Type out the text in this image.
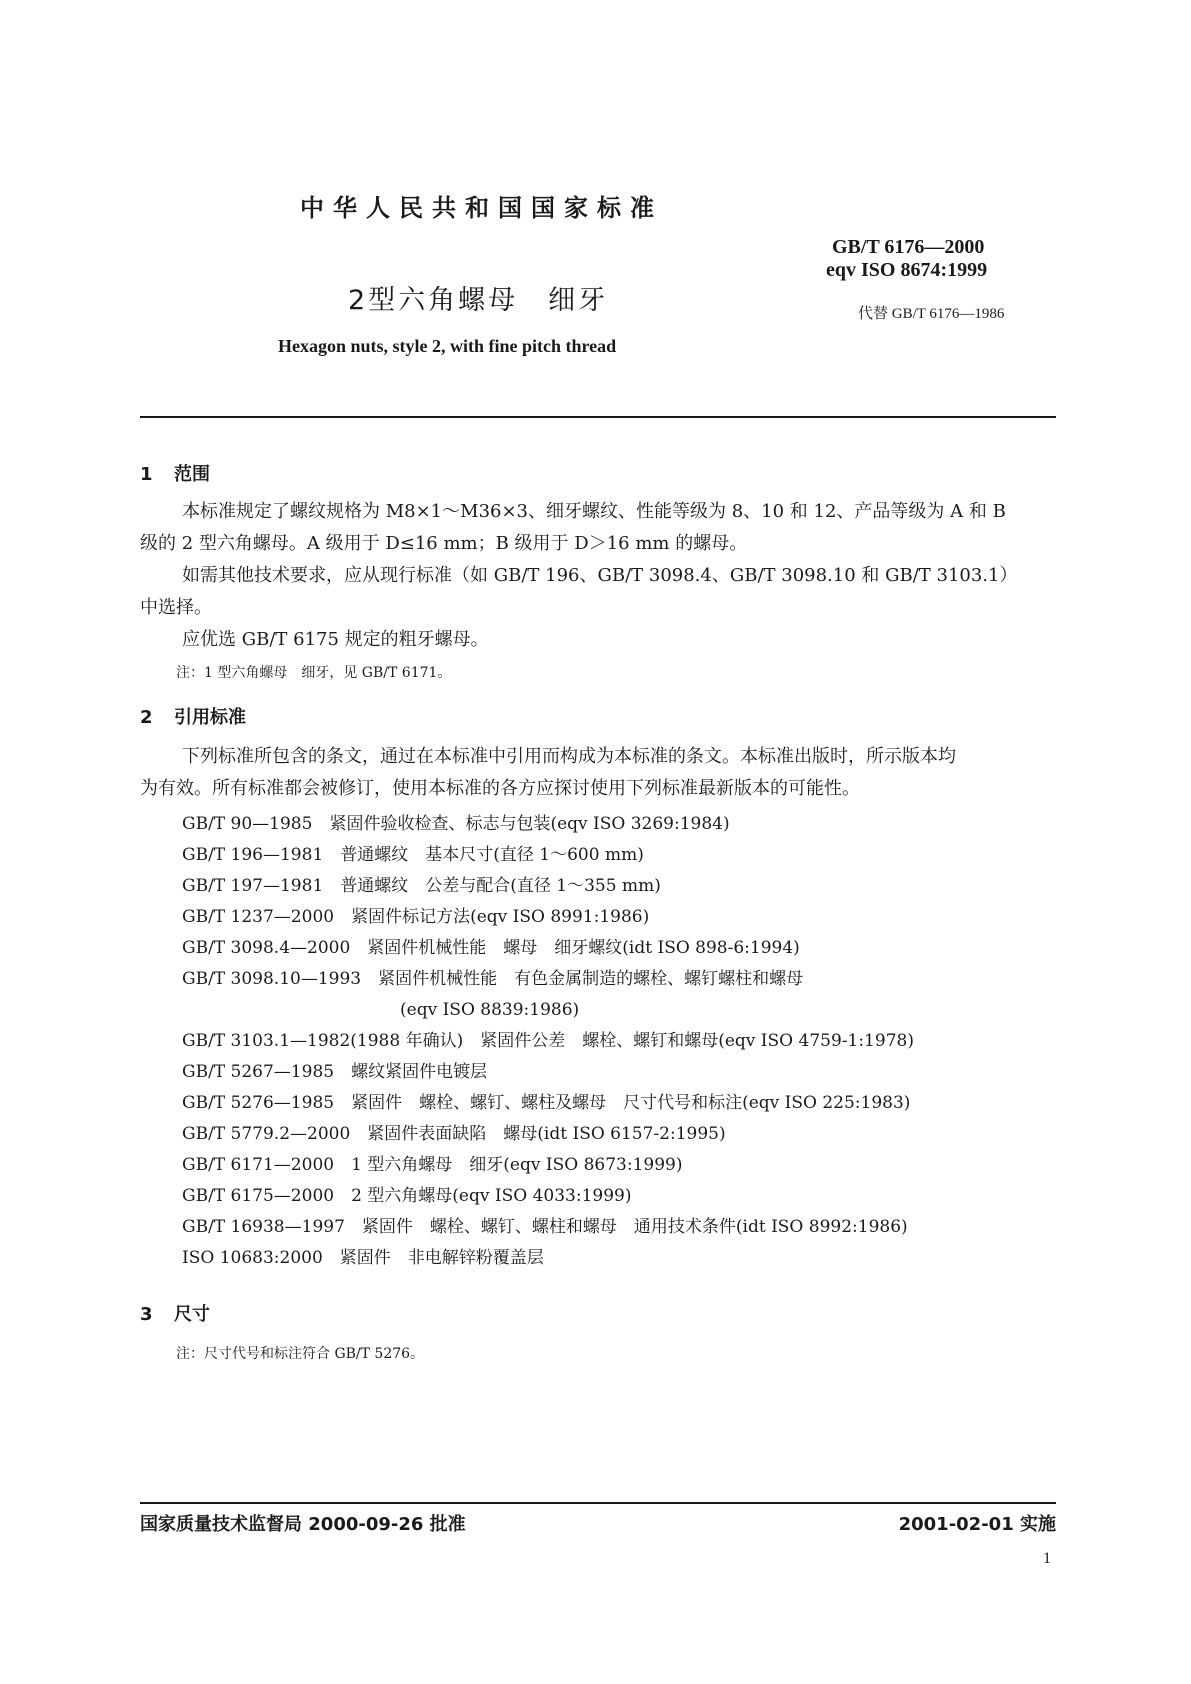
中华人民共和国国家标准
GB/T 6176—2000
eqv ISO 8674:1999
2型六角螺母　细牙	代替 GB/T 6176—1986
Hexagon nuts, style 2, with fine pitch thread
1 范围
本标准规定了螺纹规格为 M8×1～M36×3、细牙螺纹、性能等级为 8、10 和 12、产品等级为 A 和 B
级的 2 型六角螺母。A 级用于 D≤16 mm；B 级用于 D＞16 mm 的螺母。
如需其他技术要求，应从现行标准（如 GB/T 196、GB/T 3098.4、GB/T 3098.10 和 GB/T 3103.1）
中选择。
应优选 GB/T 6175 规定的粗牙螺母。
注：1 型六角螺母　细牙，见 GB/T 6171。
2 引用标准
下列标准所包含的条文，通过在本标准中引用而构成为本标准的条文。本标准出版时，所示版本均
为有效。所有标准都会被修订，使用本标准的各方应探讨使用下列标准最新版本的可能性。
GB/T 90—1985　紧固件验收检查、标志与包装(eqv ISO 3269:1984)
GB/T 196—1981　普通螺纹　基本尺寸(直径 1～600 mm)
GB/T 197—1981　普通螺纹　公差与配合(直径 1～355 mm)
GB/T 1237—2000　紧固件标记方法(eqv ISO 8991:1986)
GB/T 3098.4—2000　紧固件机械性能　螺母　细牙螺纹(idt ISO 898-6:1994)
GB/T 3098.10—1993　紧固件机械性能　有色金属制造的螺栓、螺钉螺柱和螺母
(eqv ISO 8839:1986)
GB/T 3103.1—1982(1988 年确认)　紧固件公差　螺栓、螺钉和螺母(eqv ISO 4759-1:1978)
GB/T 5267—1985　螺纹紧固件电镀层
GB/T 5276—1985　紧固件　螺栓、螺钉、螺柱及螺母　尺寸代号和标注(eqv ISO 225:1983)
GB/T 5779.2—2000　紧固件表面缺陷　螺母(idt ISO 6157-2:1995)
GB/T 6171—2000　1 型六角螺母　细牙(eqv ISO 8673:1999)
GB/T 6175—2000　2 型六角螺母(eqv ISO 4033:1999)
GB/T 16938—1997　紧固件　螺栓、螺钉、螺柱和螺母　通用技术条件(idt ISO 8992:1986)
ISO 10683:2000　紧固件　非电解锌粉覆盖层
3 尺寸
注：尺寸代号和标注符合 GB/T 5276。
国家质量技术监督局 2000-09-26 批准	2001-02-01 实施
1
